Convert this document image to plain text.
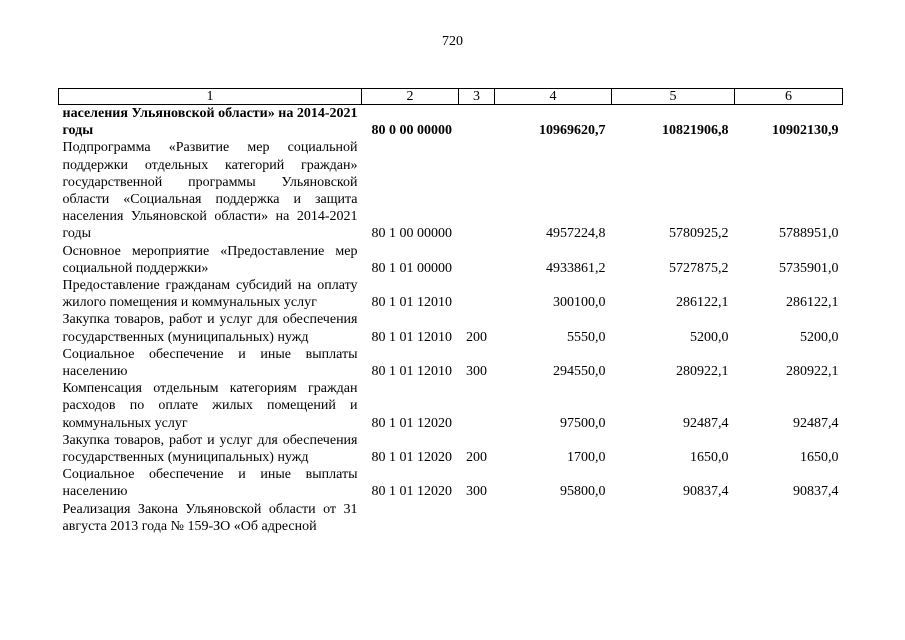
720
1	2	3	4	5	6
населения Ульяновской области» на 2014-2021 годы	80 0 00 00000		10969620,7	10821906,8	10902130,9
Подпрограмма «Развитие мер социальной поддержки отдельных категорий граждан» государственной программы Ульяновской области «Социальная поддержка и защита населения Ульяновской области» на 2014-2021 годы	80 1 00 00000		4957224,8	5780925,2	5788951,0
Основное мероприятие «Предоставление мер социальной поддержки»	80 1 01 00000		4933861,2	5727875,2	5735901,0
Предоставление гражданам субсидий на оплату жилого помещения и коммунальных услуг	80 1 01 12010		300100,0	286122,1	286122,1
Закупка товаров, работ и услуг для обеспечения государственных (муниципальных) нужд	80 1 01 12010	200	5550,0	5200,0	5200,0
Социальное обеспечение и иные выплаты населению	80 1 01 12010	300	294550,0	280922,1	280922,1
Компенсация отдельным категориям граждан расходов по оплате жилых помещений и коммунальных услуг	80 1 01 12020		97500,0	92487,4	92487,4
Закупка товаров, работ и услуг для обеспечения государственных (муниципальных) нужд	80 1 01 12020	200	1700,0	1650,0	1650,0
Социальное обеспечение и иные выплаты населению	80 1 01 12020	300	95800,0	90837,4	90837,4
Реализация Закона Ульяновской области от 31 августа 2013 года № 159-ЗО «Об адресной					
